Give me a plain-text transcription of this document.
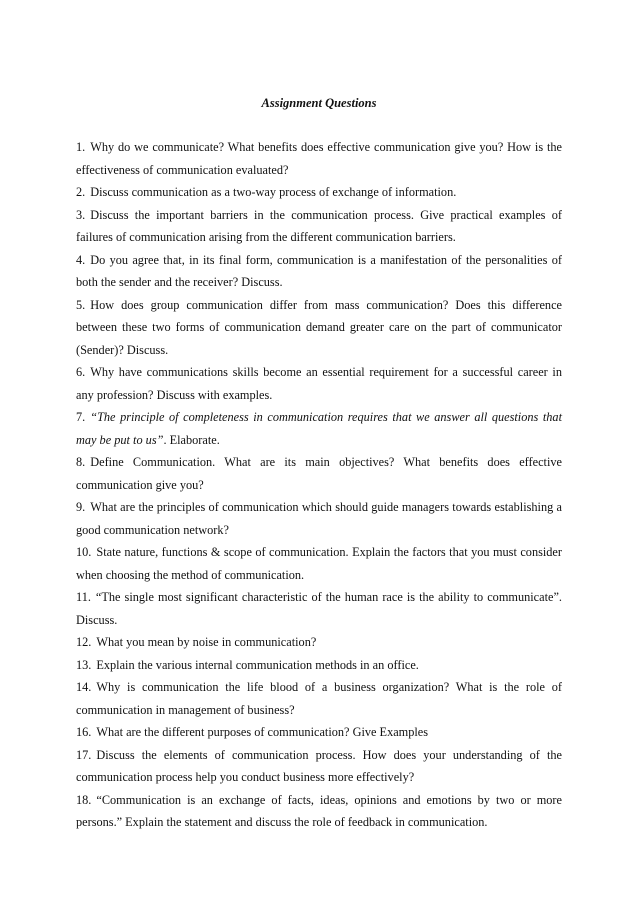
Assignment Questions

1. Why do we communicate? What benefits does effective communication give you? How is the effectiveness of communication evaluated?

2. Discuss communication as a two-way process of exchange of information.

3. Discuss the important barriers in the communication process. Give practical examples of failures of communication arising from the different communication barriers.

4. Do you agree that, in its final form, communication is a manifestation of the personalities of both the sender and the receiver? Discuss.

5. How does group communication differ from mass communication? Does this difference between these two forms of communication demand greater care on the part of communicator (Sender)? Discuss.

6. Why have communications skills become an essential requirement for a successful career in any profession? Discuss with examples.

7. “The principle of completeness in communication requires that we answer all questions that may be put to us”. Elaborate.

8. Define Communication. What are its main objectives? What benefits does effective communication give you?

9. What are the principles of communication which should guide managers towards establishing a good communication network?

10. State nature, functions & scope of communication. Explain the factors that you must consider when choosing the method of communication.

11. “The single most significant characteristic of the human race is the ability to communicate”. Discuss.

12. What you mean by noise in communication?

13. Explain the various internal communication methods in an office.

14. Why is communication the life blood of a business organization? What is the role of communication in management of business?

16. What are the different purposes of communication? Give Examples

17. Discuss the elements of communication process. How does your understanding of the communication process help you conduct business more effectively?

18. “Communication is an exchange of facts, ideas, opinions and emotions by two or more persons.” Explain the statement and discuss the role of feedback in communication.
